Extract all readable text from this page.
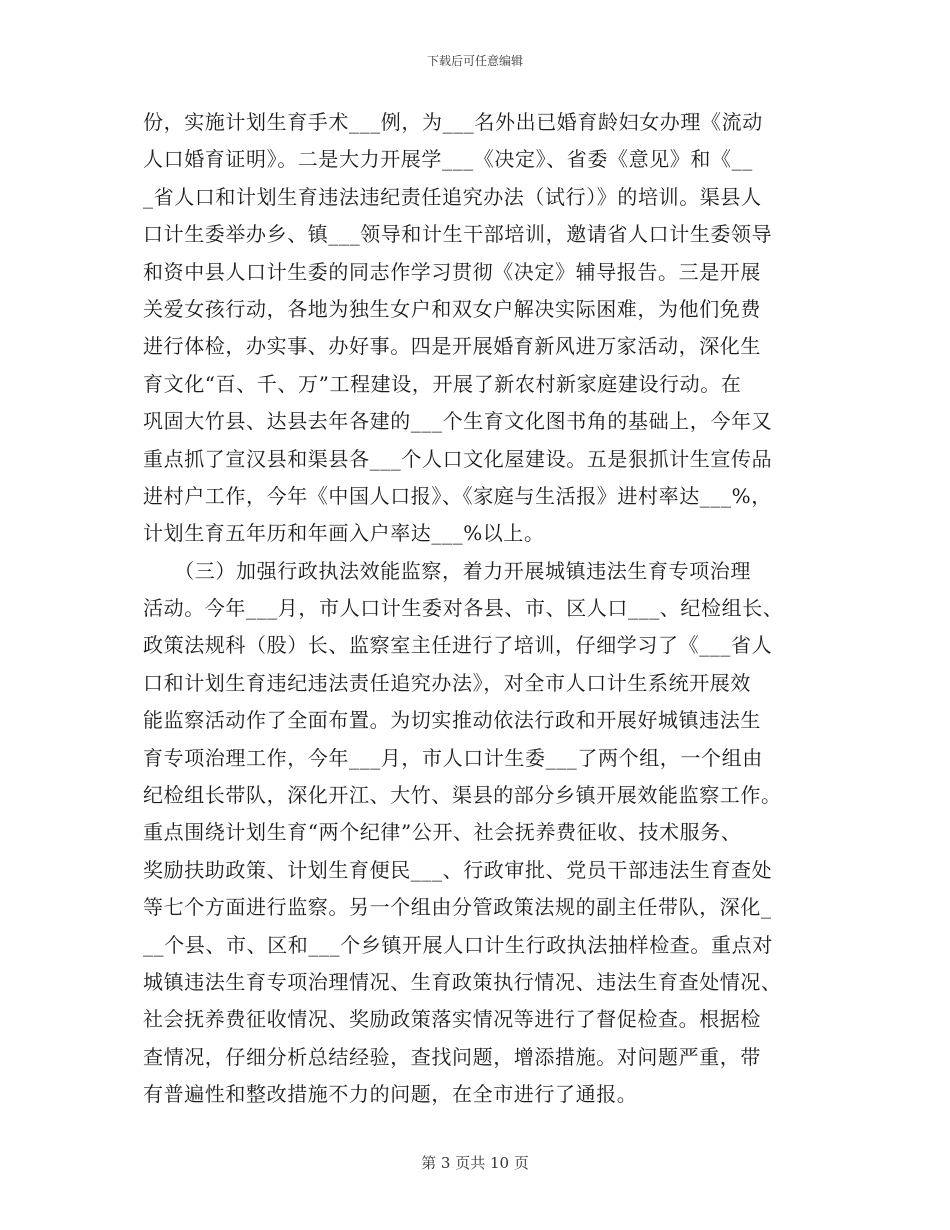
下载后可任意编辑
份，实施计划生育手术___例，为___名外出已婚育龄妇女办理《流动
人口婚育证明》。二是大力开展学___《决定》、省委《意见》和《__
_省人口和计划生育违法违纪责任追究办法（试行）》的培训。渠县人
口计生委举办乡、镇___领导和计生干部培训，邀请省人口计生委领导
和资中县人口计生委的同志作学习贯彻《决定》辅导报告。三是开展
关爱女孩行动，各地为独生女户和双女户解决实际困难，为他们免费
进行体检，办实事、办好事。四是开展婚育新风进万家活动，深化生
育文化“百、千、万”工程建设，开展了新农村新家庭建设行动。在
巩固大竹县、达县去年各建的___个生育文化图书角的基础上，今年又
重点抓了宣汉县和渠县各___个人口文化屋建设。五是狠抓计生宣传品
进村户工作，今年《中国人口报》、《家庭与生活报》进村率达___%，
计划生育五年历和年画入户率达___%以上。
　　（三）加强行政执法效能监察，着力开展城镇违法生育专项治理
活动。今年___月，市人口计生委对各县、市、区人口___、纪检组长、
政策法规科（股）长、监察室主任进行了培训，仔细学习了《___省人
口和计划生育违纪违法责任追究办法》，对全市人口计生系统开展效
能监察活动作了全面布置。为切实推动依法行政和开展好城镇违法生
育专项治理工作，今年___月，市人口计生委___了两个组，一个组由
纪检组长带队，深化开江、大竹、渠县的部分乡镇开展效能监察工作。
重点围绕计划生育“两个纪律”公开、社会抚养费征收、技术服务、
奖励扶助政策、计划生育便民___、行政审批、党员干部违法生育查处
等七个方面进行监察。另一个组由分管政策法规的副主任带队，深化_
__个县、市、区和___个乡镇开展人口计生行政执法抽样检查。重点对
城镇违法生育专项治理情况、生育政策执行情况、违法生育查处情况、
社会抚养费征收情况、奖励政策落实情况等进行了督促检查。根据检
查情况，仔细分析总结经验，查找问题，增添措施。对问题严重，带
有普遍性和整改措施不力的问题，在全市进行了通报。
第 3 页共 10 页
